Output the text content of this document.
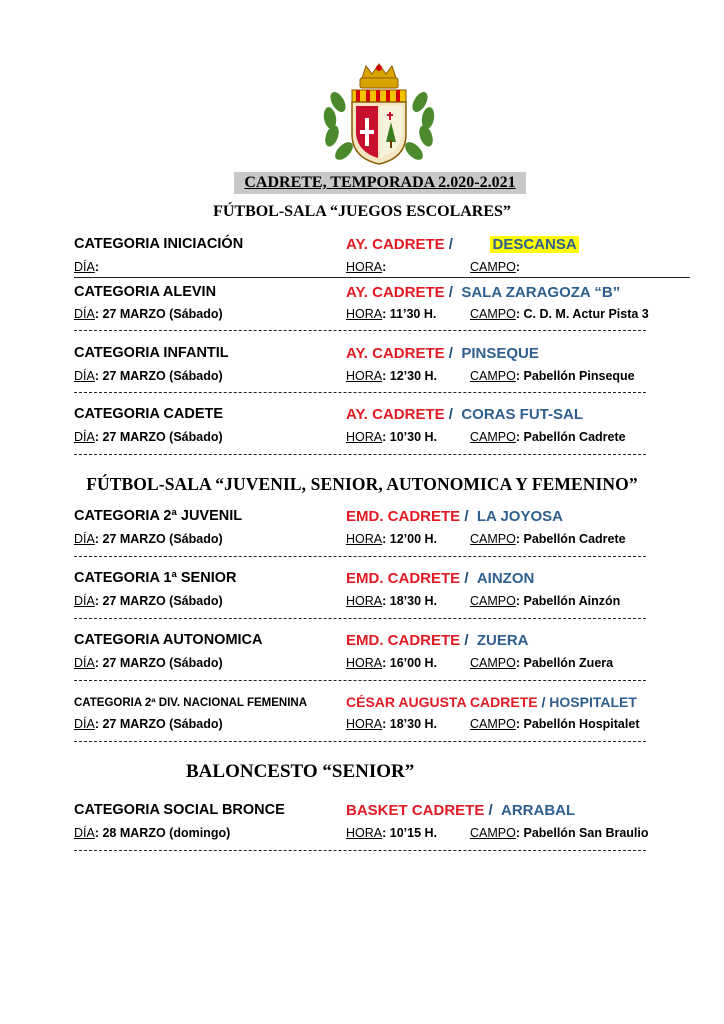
CADRETE, TEMPORADA 2.020-2.021
FÚTBOL-SALA “JUEGOS ESCOLARES”
CATEGORIA INICIACIÓN	AY. CADRETE /         DESCANSA
DÍA:	HORA:	CAMPO:
CATEGORIA ALEVIN	AY. CADRETE /  SALA ZARAGOZA “B”
DÍA: 27 MARZO (Sábado)	HORA: 11’30 H.	CAMPO: C. D. M. Actur Pista 3
CATEGORIA INFANTIL	AY. CADRETE /  PINSEQUE
DÍA: 27 MARZO (Sábado)	HORA: 12’30 H.	CAMPO: Pabellón Pinseque
CATEGORIA CADETE	AY. CADRETE /  CORAS FUT-SAL
DÍA: 27 MARZO (Sábado)	HORA: 10’30 H.	CAMPO: Pabellón Cadrete
FÚTBOL-SALA “JUVENIL, SENIOR, AUTONOMICA Y FEMENINO”
CATEGORIA 2ª JUVENIL	EMD. CADRETE /  LA JOYOSA
DÍA: 27 MARZO (Sábado)	HORA: 12’00 H.	CAMPO: Pabellón Cadrete
CATEGORIA 1ª SENIOR	EMD. CADRETE /  AINZON
DÍA: 27 MARZO (Sábado)	HORA: 18’30 H.	CAMPO: Pabellón Ainzón
CATEGORIA AUTONOMICA	EMD. CADRETE /  ZUERA
DÍA: 27 MARZO (Sábado)	HORA: 16’00 H.	CAMPO: Pabellón Zuera
CATEGORIA 2ª DIV. NACIONAL FEMENINA	CÉSAR AUGUSTA CADRETE / HOSPITALET
DÍA: 27 MARZO (Sábado)	HORA: 18’30 H.	CAMPO: Pabellón Hospitalet
BALONCESTO “SENIOR”
CATEGORIA SOCIAL BRONCE	BASKET CADRETE /  ARRABAL
DÍA: 28 MARZO (domingo)	HORA: 10’15 H.	CAMPO: Pabellón San Braulio
